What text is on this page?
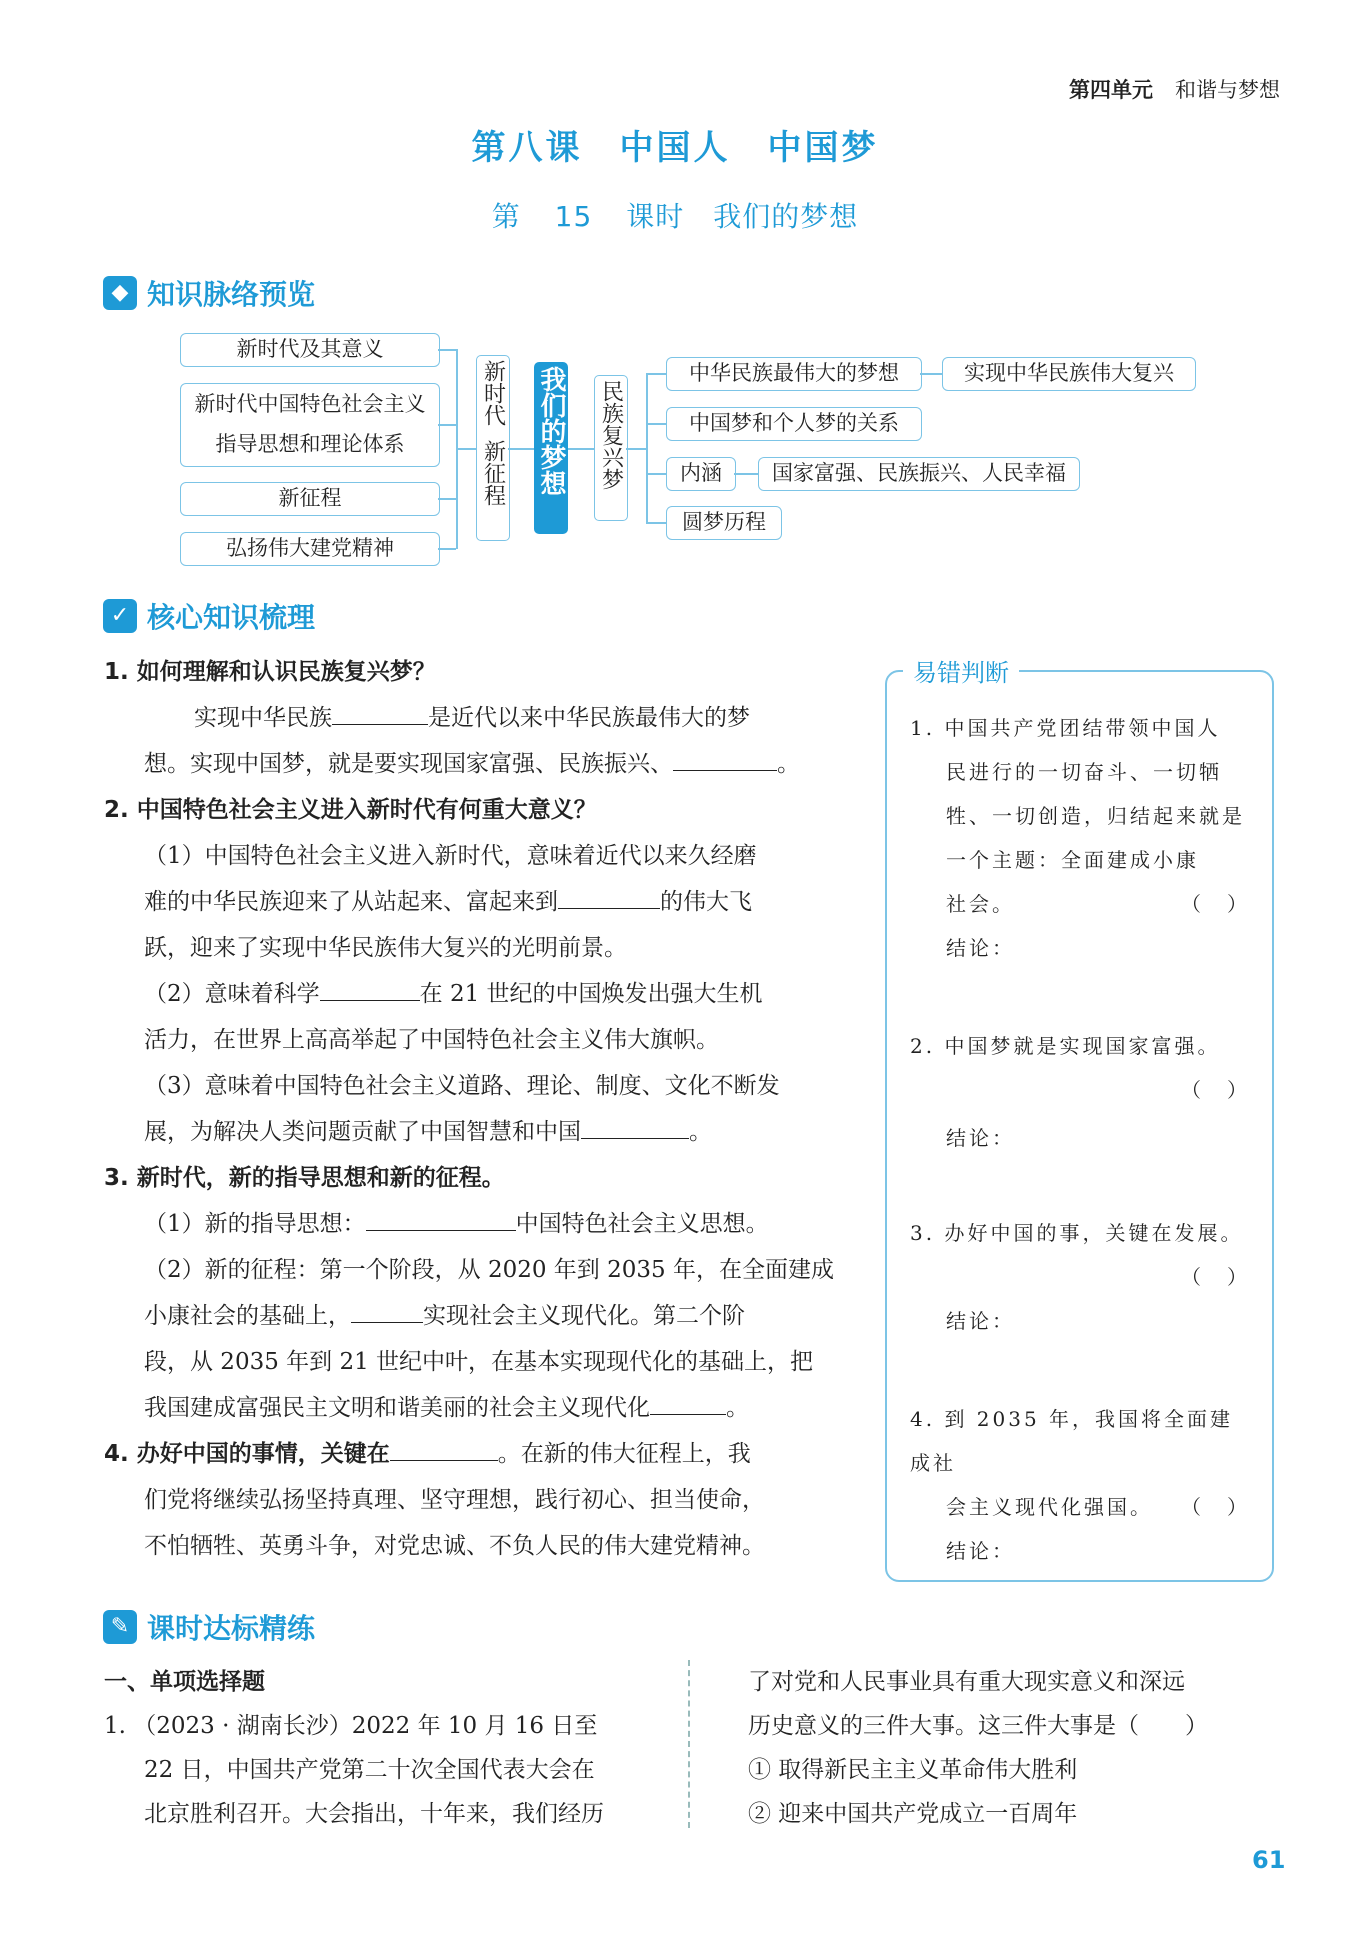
第四单元 和谐与梦想
第八课　中国人　中国梦
第 15 课时　我们的梦想
◆ 知识脉络预览
新时代及其意义
新时代中国特色社会主义指导思想和理论体系
新征程
弘扬伟大建党精神
新时代
新征程 我们的梦想 民族复兴梦
中华民族最伟大的梦想
中国梦和个人梦的关系
内涵
圆梦历程
实现中华民族伟大复兴
国家富强、民族振兴、人民幸福
✓ 核心知识梳理
1. 如何理解和认识民族复兴梦？
实现中华民族	是近代以来中华民族最伟大的梦
想。实现中国梦，就是要实现国家富强、民族振兴、	。
2. 中国特色社会主义进入新时代有何重大意义？
（1）中国特色社会主义进入新时代，意味着近代以来久经磨
难的中华民族迎来了从站起来、富起来到	的伟大飞
跃，迎来了实现中华民族伟大复兴的光明前景。
（2）意味着科学	在 21 世纪的中国焕发出强大生机
活力，在世界上高高举起了中国特色社会主义伟大旗帜。
（3）意味着中国特色社会主义道路、理论、制度、文化不断发
展，为解决人类问题贡献了中国智慧和中国	。
3. 新时代，新的指导思想和新的征程。
（1）新的指导思想：	中国特色社会主义思想。
（2）新的征程：第一个阶段，从 2020 年到 2035 年，在全面建成
小康社会的基础上，	实现社会主义现代化。第二个阶
段，从 2035 年到 21 世纪中叶，在基本实现现代化的基础上，把
我国建成富强民主文明和谐美丽的社会主义现代化	。
4. 办好中国的事情，关键在	。在新的伟大征程上，我
们党将继续弘扬坚持真理、坚守理想，践行初心、担当使命，
不怕牺牲、英勇斗争，对党忠诚、不负人民的伟大建党精神。
易错判断
1. 中国共产党团结带领中国人
民进行的一切奋斗、一切牺
牲、一切创造，归结起来就是
一个主题：全面建成小康
社会。	（　）
结论：
2. 中国梦就是实现国家富强。
（　）
结论：
3. 办好中国的事，关键在发展。
（　）
结论：
4. 到 2035 年，我国将全面建成社
会主义现代化强国。 （　）
结论：
✎ 课时达标精练
一、单项选择题
1. （2023 · 湖南长沙）2022 年 10 月 16 日至
22 日，中国共产党第二十次全国代表大会在
北京胜利召开。大会指出，十年来，我们经历
了对党和人民事业具有重大现实意义和深远
历史意义的三件大事。这三件大事是（　　）
① 取得新民主主义革命伟大胜利
② 迎来中国共产党成立一百周年
61
